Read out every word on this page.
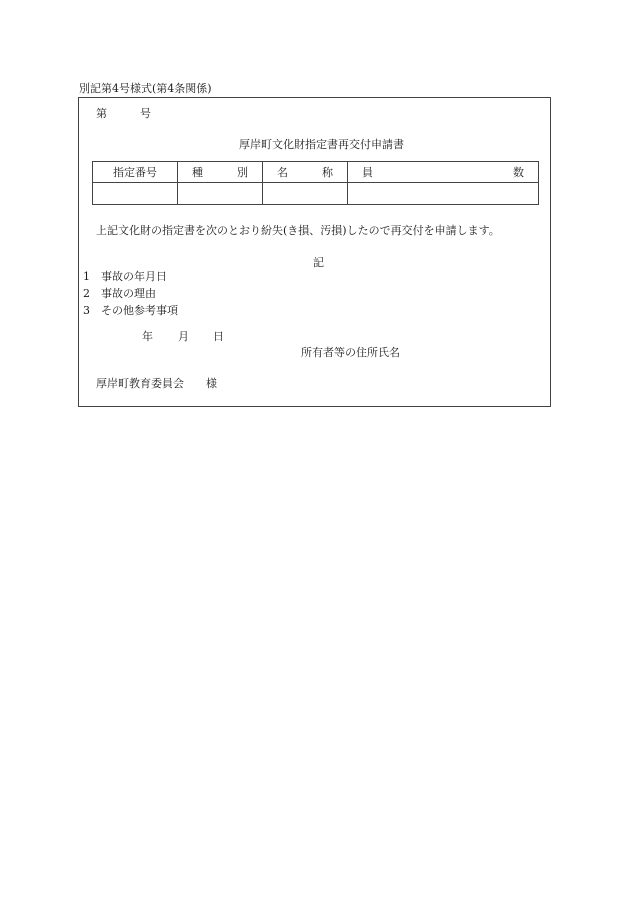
別記第4号様式(第4条関係)
第	号
厚岸町文化財指定書再交付申請書
指定番号	種 別	名 称	員 数

上記文化財の指定書を次のとおり紛失(き損、汚損)したので再交付を申請します。
記
1 事故の年月日
2 事故の理由
3 その他参考事項
年 月 日
所有者等の住所氏名
厚岸町教育委員会 様
